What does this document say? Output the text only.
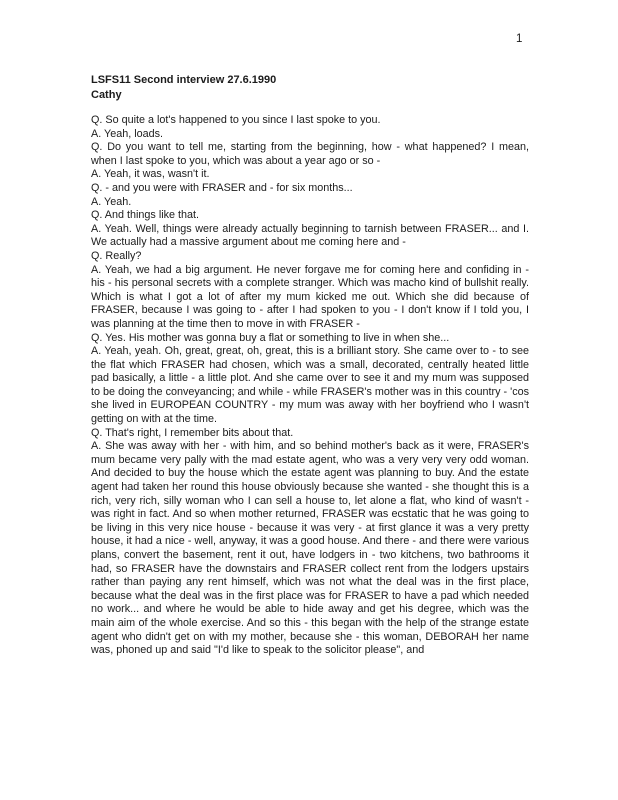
1
LSFS11 Second interview 27.6.1990
Cathy
Q. So quite a lot's happened to you since I last spoke to you.
A. Yeah, loads.
Q. Do you want to tell me, starting from the beginning, how - what happened? I mean, when I last spoke to you, which was about a year ago or so -
A. Yeah, it was, wasn't it.
Q. - and you were with FRASER and - for six months...
A. Yeah.
Q. And things like that.
A. Yeah. Well, things were already actually beginning to tarnish between FRASER... and I. We actually had a massive argument about me coming here and -
Q. Really?
A. Yeah, we had a big argument. He never forgave me for coming here and confiding in - his - his personal secrets with a complete stranger. Which was macho kind of bullshit really. Which is what I got a lot of after my mum kicked me out. Which she did because of FRASER, because I was going to - after I had spoken to you - I don't know if I told you, I was planning at the time then to move in with FRASER -
Q. Yes. His mother was gonna buy a flat or something to live in when she...
A. Yeah, yeah. Oh, great, great, oh, great, this is a brilliant story. She came over to - to see the flat which FRASER had chosen, which was a small, decorated, centrally heated little pad basically, a little - a little plot. And she came over to see it and my mum was supposed to be doing the conveyancing; and while - while FRASER's mother was in this country - 'cos she lived in EUROPEAN COUNTRY - my mum was away with her boyfriend who I wasn't getting on with at the time.
Q. That's right, I remember bits about that.
A. She was away with her - with him, and so behind mother's back as it were, FRASER's mum became very pally with the mad estate agent, who was a very very very odd woman. And decided to buy the house which the estate agent was planning to buy. And the estate agent had taken her round this house obviously because she wanted - she thought this is a rich, very rich, silly woman who I can sell a house to, let alone a flat, who kind of wasn't - was right in fact. And so when mother returned, FRASER was ecstatic that he was going to be living in this very nice house - because it was very - at first glance it was a very pretty house, it had a nice - well, anyway, it was a good house. And there - and there were various plans, convert the basement, rent it out, have lodgers in - two kitchens, two bathrooms it had, so FRASER have the downstairs and FRASER collect rent from the lodgers upstairs rather than paying any rent himself, which was not what the deal was in the first place, because what the deal was in the first place was for FRASER to have a pad which needed no work... and where he would be able to hide away and get his degree, which was the main aim of the whole exercise. And so this - this began with the help of the strange estate agent who didn't get on with my mother, because she - this woman, DEBORAH her name was, phoned up and said "I'd like to speak to the solicitor please", and
